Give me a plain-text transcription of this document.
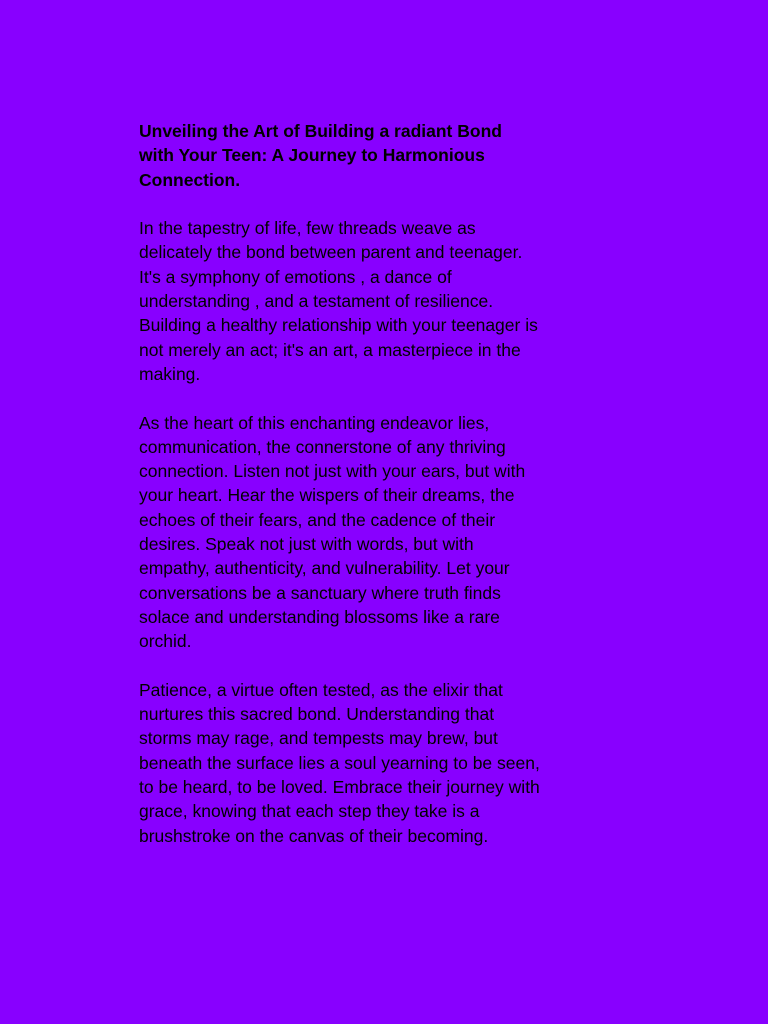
Unveiling the Art of Building a radiant Bond
with Your Teen: A Journey to Harmonious
Connection.

In the tapestry of life, few threads weave as
delicately the bond between parent and teenager.
It's a symphony of emotions , a dance of
understanding , and a testament of resilience.
Building a healthy relationship with your teenager is
not merely an act; it's an art, a masterpiece in the
making.

As the heart of this enchanting endeavor lies,
communication, the connerstone of any thriving
connection. Listen not just with your ears, but with
your heart. Hear the wispers of their dreams, the
echoes of their fears, and the cadence of their
desires. Speak not just with words, but with
empathy, authenticity, and vulnerability. Let your
conversations be a sanctuary where truth finds
solace and understanding blossoms like a rare
orchid.

Patience, a virtue often tested, as the elixir that
nurtures this sacred bond. Understanding that
storms may rage, and tempests may brew, but
beneath the surface lies a soul yearning to be seen,
to be heard, to be loved. Embrace their journey with
grace, knowing that each step they take is a
brushstroke on the canvas of their becoming.
